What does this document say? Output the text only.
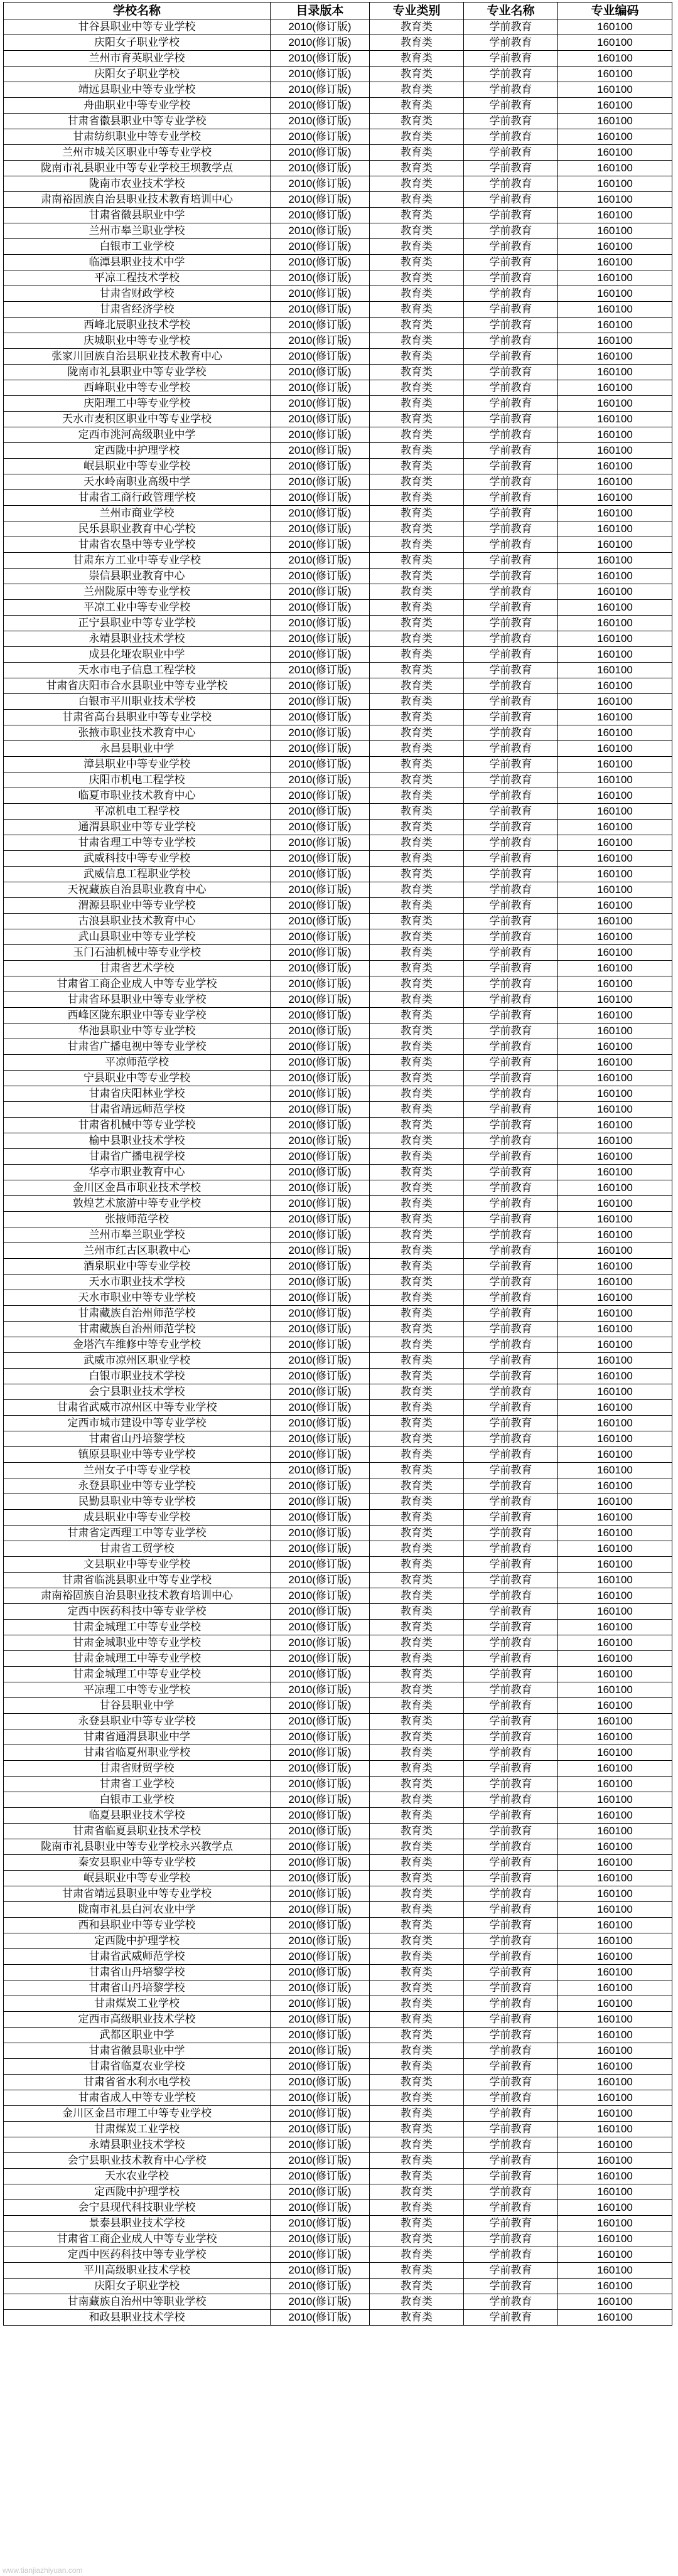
学校名称	目录版本	专业类别	专业名称	专业编码
甘谷县职业中等专业学校	2010(修订版)	教育类	学前教育	160100
庆阳女子职业学校	2010(修订版)	教育类	学前教育	160100
兰州市育英职业学校	2010(修订版)	教育类	学前教育	160100
庆阳女子职业学校	2010(修订版)	教育类	学前教育	160100
靖远县职业中等专业学校	2010(修订版)	教育类	学前教育	160100
舟曲职业中等专业学校	2010(修订版)	教育类	学前教育	160100
甘肃省徽县职业中等专业学校	2010(修订版)	教育类	学前教育	160100
甘肃纺织职业中等专业学校	2010(修订版)	教育类	学前教育	160100
兰州市城关区职业中等专业学校	2010(修订版)	教育类	学前教育	160100
陇南市礼县职业中等专业学校王坝教学点	2010(修订版)	教育类	学前教育	160100
陇南市农业技术学校	2010(修订版)	教育类	学前教育	160100
肃南裕固族自治县职业技术教育培训中心	2010(修订版)	教育类	学前教育	160100
甘肃省徽县职业中学	2010(修订版)	教育类	学前教育	160100
兰州市皋兰职业学校	2010(修订版)	教育类	学前教育	160100
白银市工业学校	2010(修订版)	教育类	学前教育	160100
临潭县职业技术中学	2010(修订版)	教育类	学前教育	160100
平凉工程技术学校	2010(修订版)	教育类	学前教育	160100
甘肃省财政学校	2010(修订版)	教育类	学前教育	160100
甘肃省经济学校	2010(修订版)	教育类	学前教育	160100
西峰北辰职业技术学校	2010(修订版)	教育类	学前教育	160100
庆城职业中等专业学校	2010(修订版)	教育类	学前教育	160100
张家川回族自治县职业技术教育中心	2010(修订版)	教育类	学前教育	160100
陇南市礼县职业中等专业学校	2010(修订版)	教育类	学前教育	160100
西峰职业中等专业学校	2010(修订版)	教育类	学前教育	160100
庆阳理工中等专业学校	2010(修订版)	教育类	学前教育	160100
天水市麦积区职业中等专业学校	2010(修订版)	教育类	学前教育	160100
定西市洮河高级职业中学	2010(修订版)	教育类	学前教育	160100
定西陇中护理学校	2010(修订版)	教育类	学前教育	160100
岷县职业中等专业学校	2010(修订版)	教育类	学前教育	160100
天水岭南职业高级中学	2010(修订版)	教育类	学前教育	160100
甘肃省工商行政管理学校	2010(修订版)	教育类	学前教育	160100
兰州市商业学校	2010(修订版)	教育类	学前教育	160100
民乐县职业教育中心学校	2010(修订版)	教育类	学前教育	160100
甘肃省农垦中等专业学校	2010(修订版)	教育类	学前教育	160100
甘肃东方工业中等专业学校	2010(修订版)	教育类	学前教育	160100
崇信县职业教育中心	2010(修订版)	教育类	学前教育	160100
兰州陇原中等专业学校	2010(修订版)	教育类	学前教育	160100
平凉工业中等专业学校	2010(修订版)	教育类	学前教育	160100
正宁县职业中等专业学校	2010(修订版)	教育类	学前教育	160100
永靖县职业技术学校	2010(修订版)	教育类	学前教育	160100
成县化垭农职业中学	2010(修订版)	教育类	学前教育	160100
天水市电子信息工程学校	2010(修订版)	教育类	学前教育	160100
甘肃省庆阳市合水县职业中等专业学校	2010(修订版)	教育类	学前教育	160100
白银市平川职业技术学校	2010(修订版)	教育类	学前教育	160100
甘肃省高台县职业中等专业学校	2010(修订版)	教育类	学前教育	160100
张掖市职业技术教育中心	2010(修订版)	教育类	学前教育	160100
永昌县职业中学	2010(修订版)	教育类	学前教育	160100
漳县职业中等专业学校	2010(修订版)	教育类	学前教育	160100
庆阳市机电工程学校	2010(修订版)	教育类	学前教育	160100
临夏市职业技术教育中心	2010(修订版)	教育类	学前教育	160100
平凉机电工程学校	2010(修订版)	教育类	学前教育	160100
通渭县职业中等专业学校	2010(修订版)	教育类	学前教育	160100
甘肃省理工中等专业学校	2010(修订版)	教育类	学前教育	160100
武威科技中等专业学校	2010(修订版)	教育类	学前教育	160100
武威信息工程职业学校	2010(修订版)	教育类	学前教育	160100
天祝藏族自治县职业教育中心	2010(修订版)	教育类	学前教育	160100
渭源县职业中等专业学校	2010(修订版)	教育类	学前教育	160100
古浪县职业技术教育中心	2010(修订版)	教育类	学前教育	160100
武山县职业中等专业学校	2010(修订版)	教育类	学前教育	160100
玉门石油机械中等专业学校	2010(修订版)	教育类	学前教育	160100
甘肃省艺术学校	2010(修订版)	教育类	学前教育	160100
甘肃省工商企业成人中等专业学校	2010(修订版)	教育类	学前教育	160100
甘肃省环县职业中等专业学校	2010(修订版)	教育类	学前教育	160100
西峰区陇东职业中等专业学校	2010(修订版)	教育类	学前教育	160100
华池县职业中等专业学校	2010(修订版)	教育类	学前教育	160100
甘肃省广播电视中等专业学校	2010(修订版)	教育类	学前教育	160100
平凉师范学校	2010(修订版)	教育类	学前教育	160100
宁县职业中等专业学校	2010(修订版)	教育类	学前教育	160100
甘肃省庆阳林业学校	2010(修订版)	教育类	学前教育	160100
甘肃省靖远师范学校	2010(修订版)	教育类	学前教育	160100
甘肃省机械中等专业学校	2010(修订版)	教育类	学前教育	160100
榆中县职业技术学校	2010(修订版)	教育类	学前教育	160100
甘肃省广播电视学校	2010(修订版)	教育类	学前教育	160100
华亭市职业教育中心	2010(修订版)	教育类	学前教育	160100
金川区金昌市职业技术学校	2010(修订版)	教育类	学前教育	160100
敦煌艺术旅游中等专业学校	2010(修订版)	教育类	学前教育	160100
张掖师范学校	2010(修订版)	教育类	学前教育	160100
兰州市皋兰职业学校	2010(修订版)	教育类	学前教育	160100
兰州市红古区职教中心	2010(修订版)	教育类	学前教育	160100
酒泉职业中等专业学校	2010(修订版)	教育类	学前教育	160100
天水市职业技术学校	2010(修订版)	教育类	学前教育	160100
天水市职业中等专业学校	2010(修订版)	教育类	学前教育	160100
甘肃藏族自治州师范学校	2010(修订版)	教育类	学前教育	160100
甘肃藏族自治州师范学校	2010(修订版)	教育类	学前教育	160100
金塔汽车维修中等专业学校	2010(修订版)	教育类	学前教育	160100
武威市凉州区职业学校	2010(修订版)	教育类	学前教育	160100
白银市职业技术学校	2010(修订版)	教育类	学前教育	160100
会宁县职业技术学校	2010(修订版)	教育类	学前教育	160100
甘肃省武威市凉州区中等专业学校	2010(修订版)	教育类	学前教育	160100
定西市城市建设中等专业学校	2010(修订版)	教育类	学前教育	160100
甘肃省山丹培黎学校	2010(修订版)	教育类	学前教育	160100
镇原县职业中等专业学校	2010(修订版)	教育类	学前教育	160100
兰州女子中等专业学校	2010(修订版)	教育类	学前教育	160100
永登县职业中等专业学校	2010(修订版)	教育类	学前教育	160100
民勤县职业中等专业学校	2010(修订版)	教育类	学前教育	160100
成县职业中等专业学校	2010(修订版)	教育类	学前教育	160100
甘肃省定西理工中等专业学校	2010(修订版)	教育类	学前教育	160100
甘肃省工贸学校	2010(修订版)	教育类	学前教育	160100
文县职业中等专业学校	2010(修订版)	教育类	学前教育	160100
甘肃省临洮县职业中等专业学校	2010(修订版)	教育类	学前教育	160100
肃南裕固族自治县职业技术教育培训中心	2010(修订版)	教育类	学前教育	160100
定西中医药科技中等专业学校	2010(修订版)	教育类	学前教育	160100
甘肃金城理工中等专业学校	2010(修订版)	教育类	学前教育	160100
甘肃金城职业中等专业学校	2010(修订版)	教育类	学前教育	160100
甘肃金城理工中等专业学校	2010(修订版)	教育类	学前教育	160100
甘肃金城理工中等专业学校	2010(修订版)	教育类	学前教育	160100
平凉理工中等专业学校	2010(修订版)	教育类	学前教育	160100
甘谷县职业中学	2010(修订版)	教育类	学前教育	160100
永登县职业中等专业学校	2010(修订版)	教育类	学前教育	160100
甘肃省通渭县职业中学	2010(修订版)	教育类	学前教育	160100
甘肃省临夏州职业学校	2010(修订版)	教育类	学前教育	160100
甘肃省财贸学校	2010(修订版)	教育类	学前教育	160100
甘肃省工业学校	2010(修订版)	教育类	学前教育	160100
白银市工业学校	2010(修订版)	教育类	学前教育	160100
临夏县职业技术学校	2010(修订版)	教育类	学前教育	160100
甘肃省临夏县职业技术学校	2010(修订版)	教育类	学前教育	160100
陇南市礼县职业中等专业学校永兴教学点	2010(修订版)	教育类	学前教育	160100
秦安县职业中等专业学校	2010(修订版)	教育类	学前教育	160100
岷县职业中等专业学校	2010(修订版)	教育类	学前教育	160100
甘肃省靖远县职业中等专业学校	2010(修订版)	教育类	学前教育	160100
陇南市礼县白河农业中学	2010(修订版)	教育类	学前教育	160100
西和县职业中等专业学校	2010(修订版)	教育类	学前教育	160100
定西陇中护理学校	2010(修订版)	教育类	学前教育	160100
甘肃省武威师范学校	2010(修订版)	教育类	学前教育	160100
甘肃省山丹培黎学校	2010(修订版)	教育类	学前教育	160100
甘肃省山丹培黎学校	2010(修订版)	教育类	学前教育	160100
甘肃煤炭工业学校	2010(修订版)	教育类	学前教育	160100
定西市高级职业技术学校	2010(修订版)	教育类	学前教育	160100
武都区职业中学	2010(修订版)	教育类	学前教育	160100
甘肃省徽县职业中学	2010(修订版)	教育类	学前教育	160100
甘肃省临夏农业学校	2010(修订版)	教育类	学前教育	160100
甘肃省省水利水电学校	2010(修订版)	教育类	学前教育	160100
甘肃省成人中等专业学校	2010(修订版)	教育类	学前教育	160100
金川区金昌市理工中等专业学校	2010(修订版)	教育类	学前教育	160100
甘肃煤炭工业学校	2010(修订版)	教育类	学前教育	160100
永靖县职业技术学校	2010(修订版)	教育类	学前教育	160100
会宁县职业技术教育中心学校	2010(修订版)	教育类	学前教育	160100
天水农业学校	2010(修订版)	教育类	学前教育	160100
定西陇中护理学校	2010(修订版)	教育类	学前教育	160100
会宁县现代科技职业学校	2010(修订版)	教育类	学前教育	160100
景泰县职业技术学校	2010(修订版)	教育类	学前教育	160100
甘肃省工商企业成人中等专业学校	2010(修订版)	教育类	学前教育	160100
定西中医药科技中等专业学校	2010(修订版)	教育类	学前教育	160100
平川高级职业技术学校	2010(修订版)	教育类	学前教育	160100
庆阳女子职业学校	2010(修订版)	教育类	学前教育	160100
甘南藏族自治州中等职业学校	2010(修订版)	教育类	学前教育	160100
和政县职业技术学校	2010(修订版)	教育类	学前教育	160100
www.tianjiazhiyuan.com
